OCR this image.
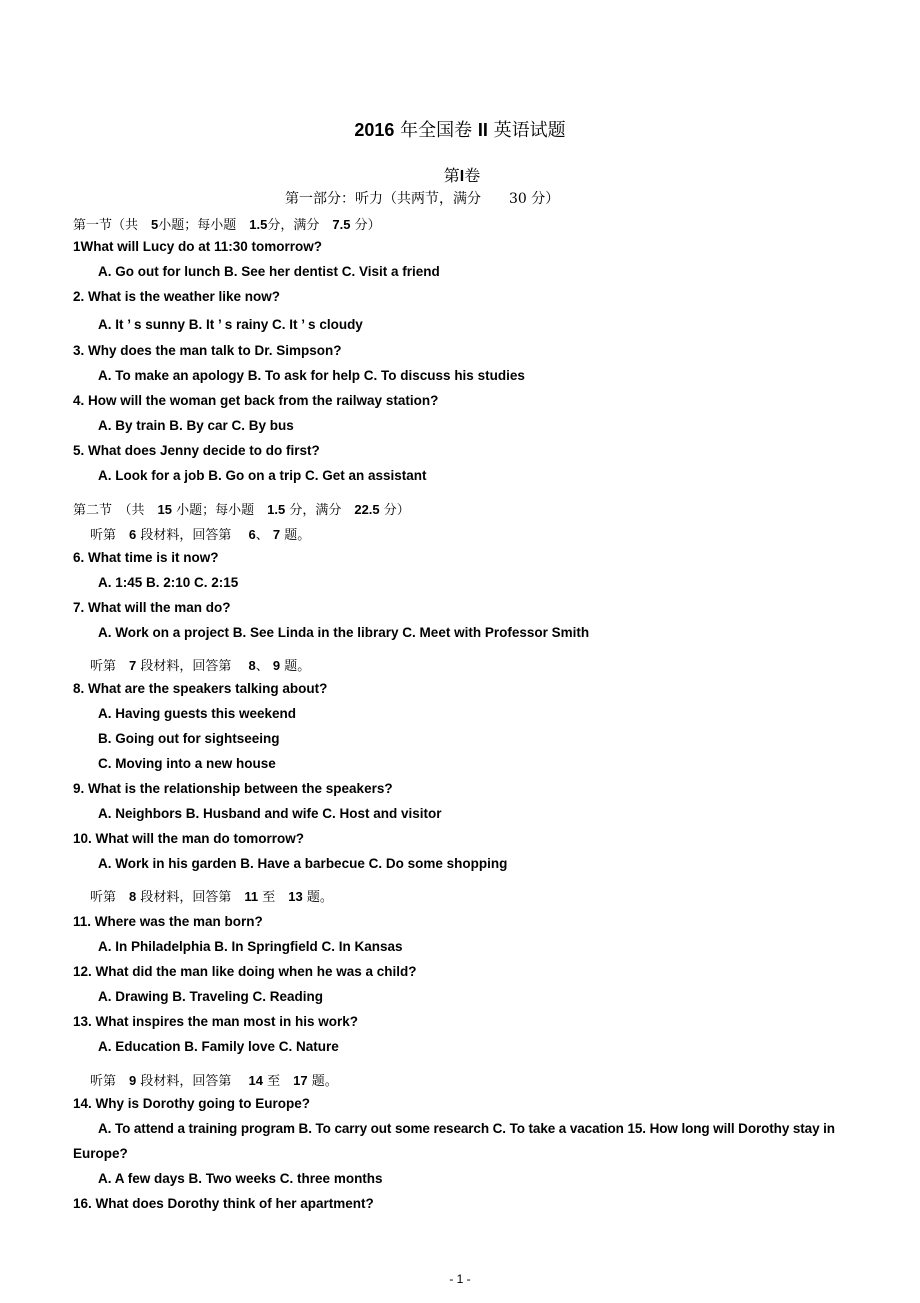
2016 年全国卷 II 英语试题
第I卷
第一部分：听力（共两节，满分　　30 分）
第一节（共　5小题；每小题　1.5分，满分　7.5 分）
1What will Lucy do at 11:30 tomorrow?
A. Go out for lunch B. See her dentist C. Visit a friend
2. What is the weather like now?
A. It ’ s sunny B. It ’ s rainy C. It ’ s cloudy
3. Why does the man talk to Dr. Simpson?
A. To make an apology B. To ask for help C. To discuss his studies
4. How will the woman get back from the railway station?
A. By train B. By car C. By bus
5. What does Jenny decide to do first?
A. Look for a job B. Go on a trip C. Get an assistant
第二节　（共　15 小题；每小题　1.5 分，满分　22.5 分）
听第　6 段材料，回答第　 6、 7 题。
6. What time is it now?
A. 1:45 B. 2:10 C. 2:15
7. What will the man do?
A. Work on a project B. See Linda in the library C. Meet with Professor Smith
听第　7 段材料，回答第　 8、 9 题。
8. What are the speakers talking about?
A. Having guests this weekend
B. Going out for sightseeing
C. Moving into a new house
9. What is the relationship between the speakers?
A. Neighbors B. Husband and wife C. Host and visitor
10. What will the man do tomorrow?
A. Work in his garden B. Have a barbecue C. Do some shopping
听第　8 段材料，回答第　11 至　13 题。
11. Where was the man born?
A. In Philadelphia B. In Springfield C. In Kansas
12. What did the man like doing when he was a child?
A. Drawing B. Traveling C. Reading
13. What inspires the man most in his work?
A. Education B. Family love C. Nature
听第　9 段材料，回答第　 14 至　17 题。
14. Why is Dorothy going to Europe?
A. To attend a training program B. To carry out some research C. To take a vacation 15. How long will Dorothy stay in
Europe?
A. A few days B. Two weeks C. three months
16. What does Dorothy think of her apartment?
- 1 -
